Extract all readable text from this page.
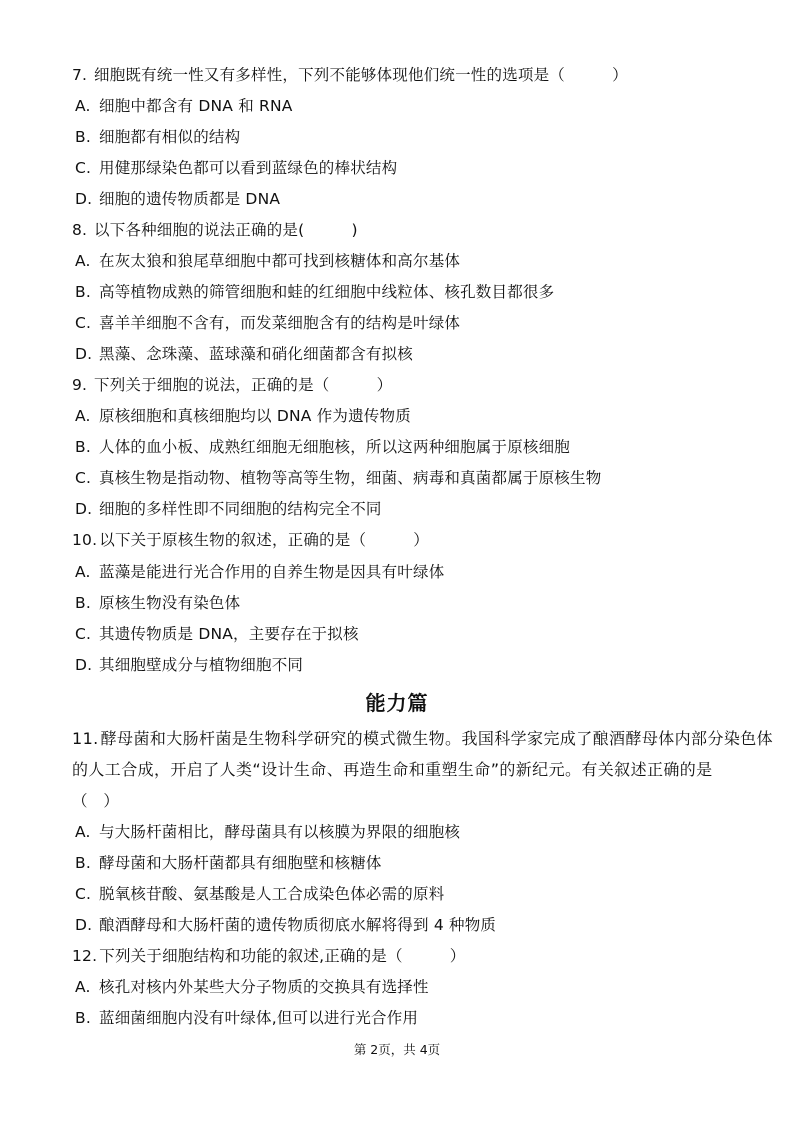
7. 细胞既有统一性又有多样性，下列不能够体现他们统一性的选项是（　　　）
A. 细胞中都含有 DNA 和 RNA
B. 细胞都有相似的结构
C. 用健那绿染色都可以看到蓝绿色的棒状结构
D. 细胞的遗传物质都是 DNA
8. 以下各种细胞的说法正确的是(　　　)
A. 在灰太狼和狼尾草细胞中都可找到核糖体和高尔基体
B. 高等植物成熟的筛管细胞和蛙的红细胞中线粒体、核孔数目都很多
C. 喜羊羊细胞不含有，而发菜细胞含有的结构是叶绿体
D. 黑藻、念珠藻、蓝球藻和硝化细菌都含有拟核
9. 下列关于细胞的说法，正确的是（　　　）
A. 原核细胞和真核细胞均以 DNA 作为遗传物质
B. 人体的血小板、成熟红细胞无细胞核，所以这两种细胞属于原核细胞
C. 真核生物是指动物、植物等高等生物，细菌、病毒和真菌都属于原核生物
D. 细胞的多样性即不同细胞的结构完全不同
10. 以下关于原核生物的叙述，正确的是（　　　）
A. 蓝藻是能进行光合作用的自养生物是因具有叶绿体
B. 原核生物没有染色体
C. 其遗传物质是 DNA，主要存在于拟核
D. 其细胞壁成分与植物细胞不同
能力篇
11. 酵母菌和大肠杆菌是生物科学研究的模式微生物。我国科学家完成了酿酒酵母体内部分染色体
的人工合成，开启了人类“设计生命、再造生命和重塑生命”的新纪元。有关叙述正确的是
（　）
A. 与大肠杆菌相比，酵母菌具有以核膜为界限的细胞核
B. 酵母菌和大肠杆菌都具有细胞壁和核糖体
C. 脱氧核苷酸、氨基酸是人工合成染色体必需的原料
D. 酿酒酵母和大肠杆菌的遗传物质彻底水解将得到 4 种物质
12. 下列关于细胞结构和功能的叙述,正确的是（　　　）
A. 核孔对核内外某些大分子物质的交换具有选择性
B. 蓝细菌细胞内没有叶绿体,但可以进行光合作用
第 2页，共 4页
